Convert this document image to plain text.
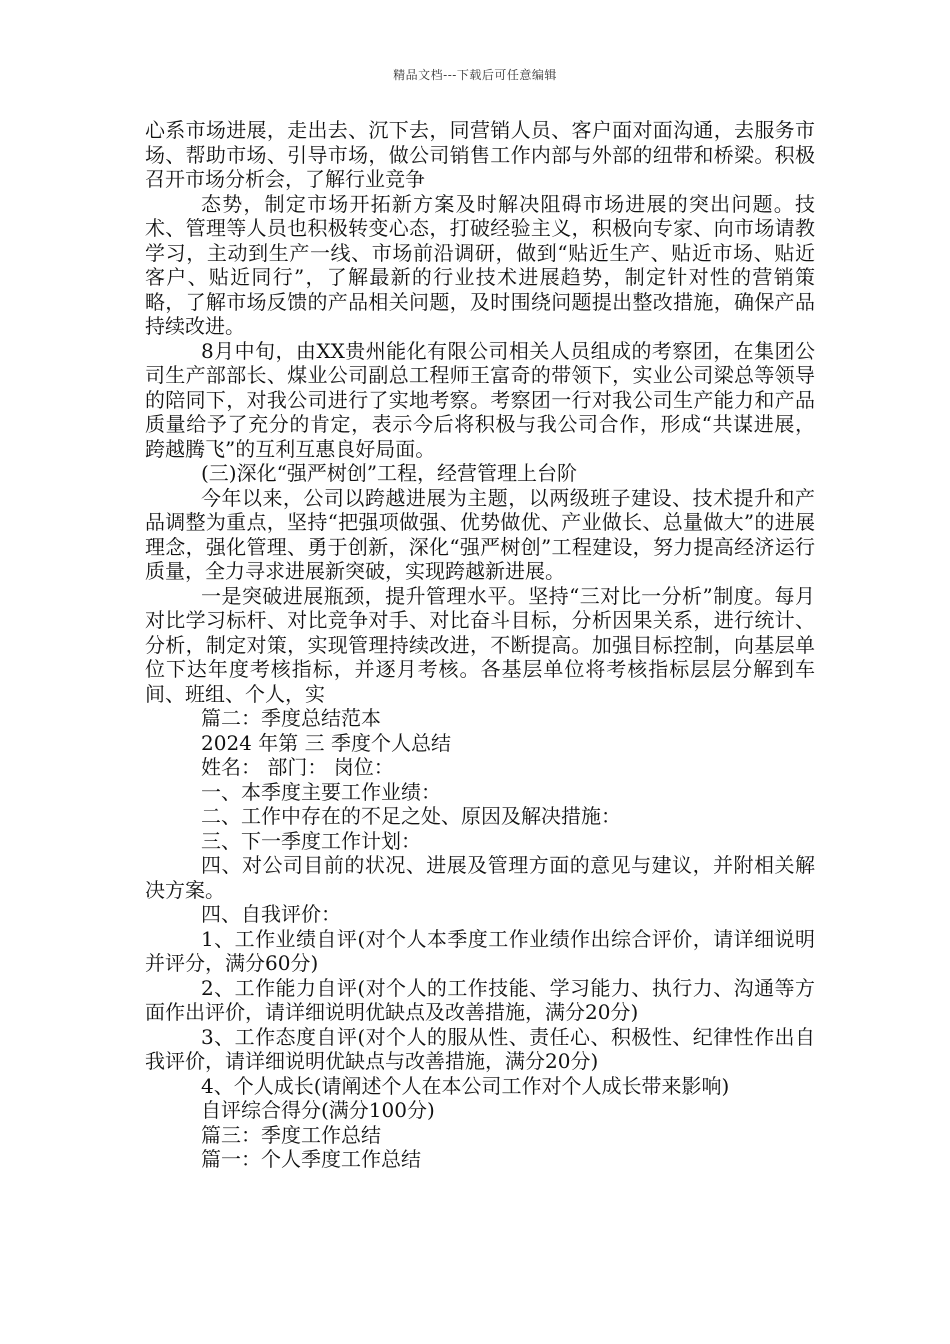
精品文档---下载后可任意编辑

心系市场进展，走出去、沉下去，同营销人员、客户面对面沟通，去服务市场、帮助市场、引导市场，做公司销售工作内部与外部的纽带和桥梁。积极召开市场分析会，了解行业竞争

态势，制定市场开拓新方案及时解决阻碍市场进展的突出问题。技术、管理等人员也积极转变心态，打破经验主义，积极向专家、向市场请教学习，主动到生产一线、市场前沿调研，做到“贴近生产、贴近市场、贴近客户、贴近同行”，了解最新的行业技术进展趋势，制定针对性的营销策略，了解市场反馈的产品相关问题，及时围绕问题提出整改措施，确保产品持续改进。

8月中旬，由XX贵州能化有限公司相关人员组成的考察团，在集团公司生产部部长、煤业公司副总工程师王富奇的带领下，实业公司梁总等领导的陪同下，对我公司进行了实地考察。考察团一行对我公司生产能力和产品质量给予了充分的肯定，表示今后将积极与我公司合作，形成“共谋进展，跨越腾飞”的互利互惠良好局面。

(三)深化“强严树创”工程，经营管理上台阶

今年以来，公司以跨越进展为主题，以两级班子建设、技术提升和产品调整为重点，坚持“把强项做强、优势做优、产业做长、总量做大”的进展理念，强化管理、勇于创新，深化“强严树创”工程建设，努力提高经济运行质量，全力寻求进展新突破，实现跨越新进展。

一是突破进展瓶颈，提升管理水平。坚持“三对比一分析”制度。每月对比学习标杆、对比竞争对手、对比奋斗目标，分析因果关系，进行统计、分析，制定对策，实现管理持续改进，不断提高。加强目标控制，向基层单位下达年度考核指标，并逐月考核。各基层单位将考核指标层层分解到车间、班组、个人，实

篇二：季度总结范本

2024 年第 三 季度个人总结

姓名： 部门： 岗位：

一、本季度主要工作业绩：

二、工作中存在的不足之处、原因及解决措施：

三、下一季度工作计划：

四、对公司目前的状况、进展及管理方面的意见与建议，并附相关解决方案。

四、自我评价：

1、工作业绩自评(对个人本季度工作业绩作出综合评价，请详细说明并评分，满分60分)

2、工作能力自评(对个人的工作技能、学习能力、执行力、沟通等方面作出评价，请详细说明优缺点及改善措施，满分20分)

3、工作态度自评(对个人的服从性、责任心、积极性、纪律性作出自我评价，请详细说明优缺点与改善措施，满分20分)

4、个人成长(请阐述个人在本公司工作对个人成长带来影响)

自评综合得分(满分100分)

篇三：季度工作总结

篇一：个人季度工作总结
